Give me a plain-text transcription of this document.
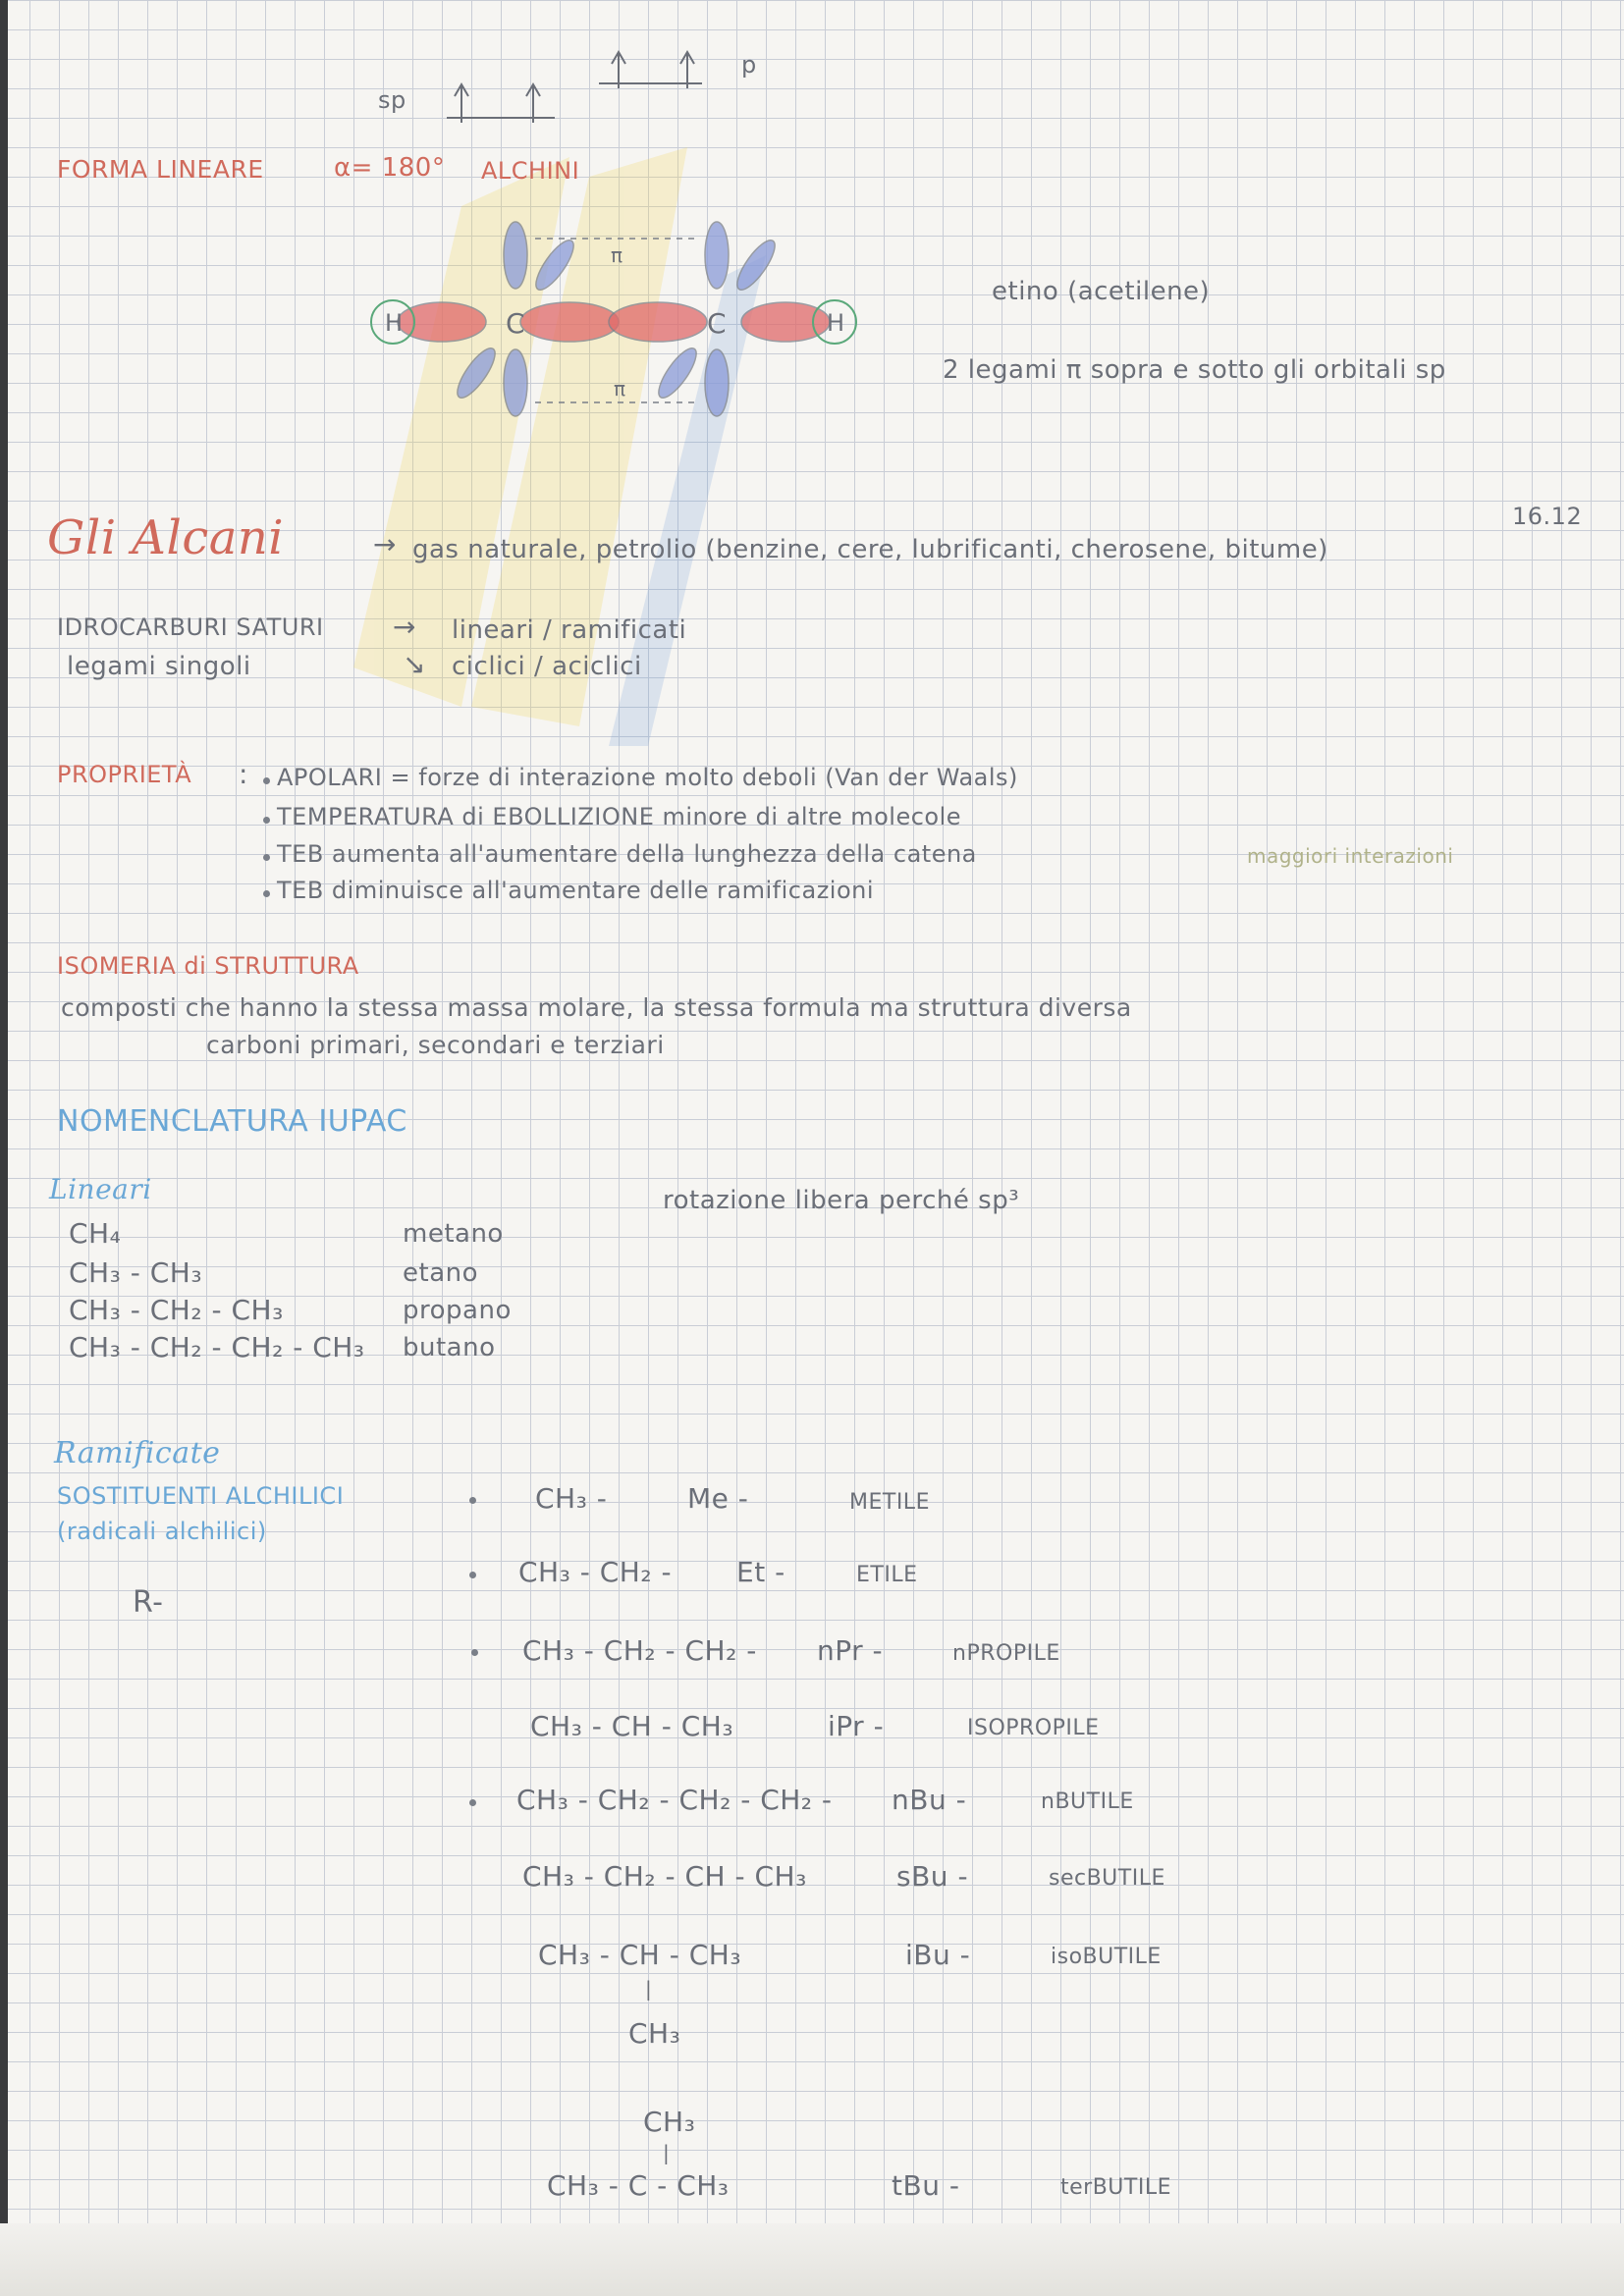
sp
p
FORMA LINEARE	α= 180° ALCHINI
H	H
C	C
π
π
etino (acetilene)
2 legami π sopra e sotto gli orbitali sp
Gli Alcani	→ gas naturale, petrolio (benzine, cere, lubrificanti, cherosene, bitume)
16.12
IDROCARBURI SATURI	→ lineari / ramificati
legami singoli	↘ ciclici / aciclici
PROPRIETÀ : APOLARI = forze di interazione molto deboli (Van der Waals)
TEMPERATURA di EBOLLIZIONE minore di altre molecole
TEB aumenta all'aumentare della lunghezza della catena	maggiori interazioni
TEB diminuisce all'aumentare delle ramificazioni
ISOMERIA di STRUTTURA
composti che hanno la stessa massa molare, la stessa formula ma struttura diversa
carboni primari, secondari e terziari
NOMENCLATURA IUPAC
Lineari	rotazione libera perché sp³
CH₄	metano
CH₃ - CH₃	etano
CH₃ - CH₂ - CH₃	propano
CH₃ - CH₂ - CH₂ - CH₃ butano
Ramificate
SOSTITUENTI ALCHILICI
(radicali alchilici)
R-
CH₃ -	Me -	METILE
CH₃ - CH₂ - Et -	ETILE
CH₃ - CH₂ - CH₂ - nPr -	nPROPILE
CH₃ - CH - CH₃	iPr -	ISOPROPILE
CH₃ - CH₂ - CH₂ - CH₂ - nBu -	nBUTILE
CH₃ - CH₂ - CH - CH₃	sBu -	secBUTILE
CH₃ - CH - CH₃	iBu -	isoBUTILE
|
CH₃
CH₃
|
CH₃ - C - CH₃	tBu -	terBUTILE
